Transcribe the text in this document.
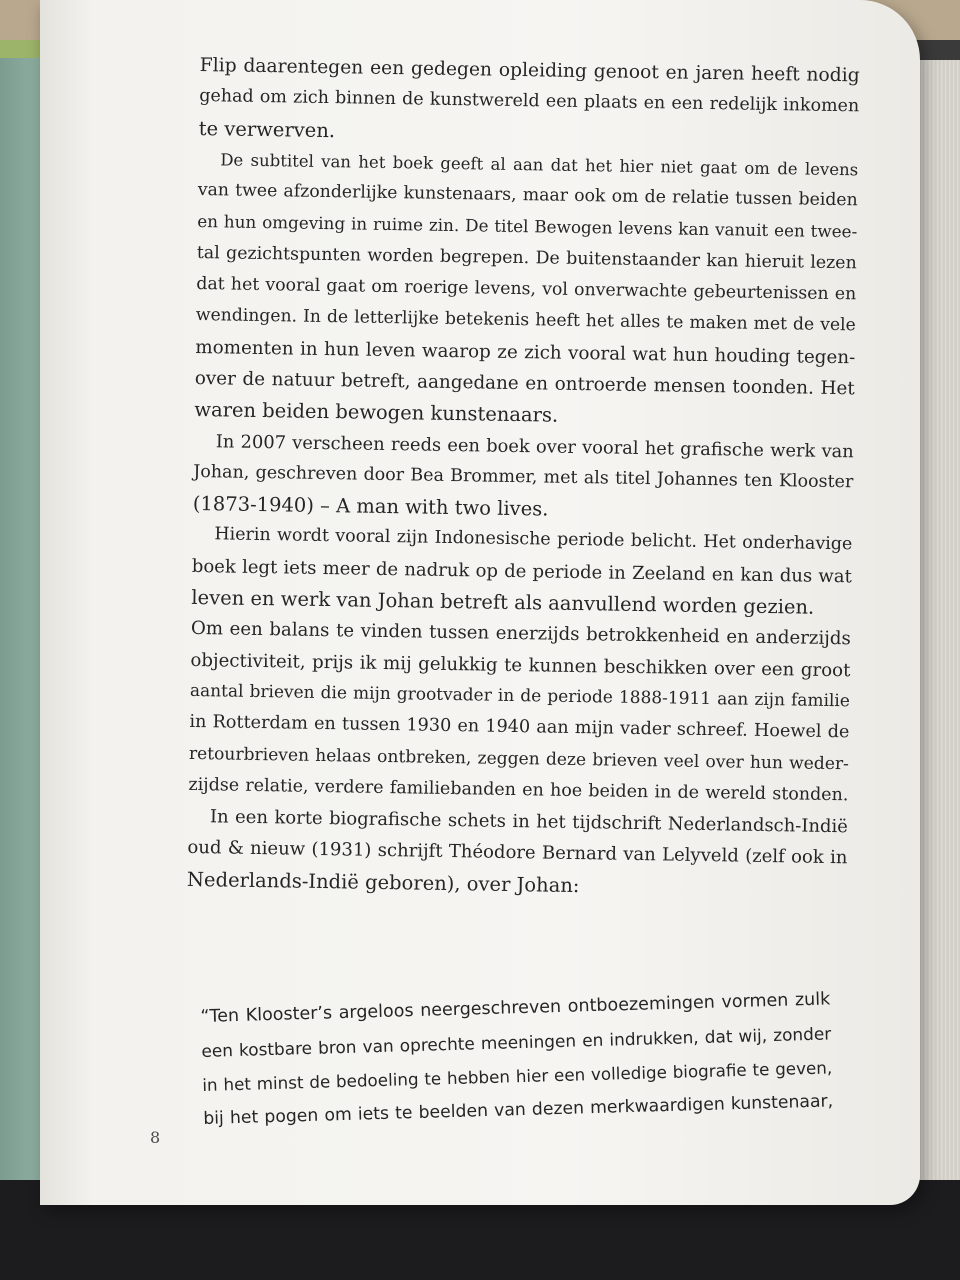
Flip daarentegen een gedegen opleiding genoot en jaren heeft nodig
gehad om zich binnen de kunstwereld een plaats en een redelijk inkomen
te verwerven.
De subtitel van het boek geeft al aan dat het hier niet gaat om de levens
van twee afzonderlijke kunstenaars, maar ook om de relatie tussen beiden
en hun omgeving in ruime zin. De titel Bewogen levens kan vanuit een twee-
tal gezichtspunten worden begrepen. De buitenstaander kan hieruit lezen
dat het vooral gaat om roerige levens, vol onverwachte gebeurtenissen en
wendingen. In de letterlijke betekenis heeft het alles te maken met de vele
momenten in hun leven waarop ze zich vooral wat hun houding tegen-
over de natuur betreft, aangedane en ontroerde mensen toonden. Het
waren beiden bewogen kunstenaars.
In 2007 verscheen reeds een boek over vooral het grafische werk van
Johan, geschreven door Bea Brommer, met als titel Johannes ten Klooster
(1873-1940) – A man with two lives.
Hierin wordt vooral zijn Indonesische periode belicht. Het onderhavige
boek legt iets meer de nadruk op de periode in Zeeland en kan dus wat
leven en werk van Johan betreft als aanvullend worden gezien.
Om een balans te vinden tussen enerzijds betrokkenheid en anderzijds
objectiviteit, prijs ik mij gelukkig te kunnen beschikken over een groot
aantal brieven die mijn grootvader in de periode 1888-1911 aan zijn familie
in Rotterdam en tussen 1930 en 1940 aan mijn vader schreef. Hoewel de
retourbrieven helaas ontbreken, zeggen deze brieven veel over hun weder-
zijdse relatie, verdere familiebanden en hoe beiden in de wereld stonden.
In een korte biografische schets in het tijdschrift Nederlandsch-Indië
oud & nieuw (1931) schrijft Théodore Bernard van Lelyveld (zelf ook in
Nederlands-Indië geboren), over Johan:
8
“Ten Klooster’s argeloos neergeschreven ontboezemingen vormen zulk
een kostbare bron van oprechte meeningen en indrukken, dat wij, zonder
in het minst de bedoeling te hebben hier een volledige biografie te geven,
bij het pogen om iets te beelden van dezen merkwaardigen kunstenaar,
